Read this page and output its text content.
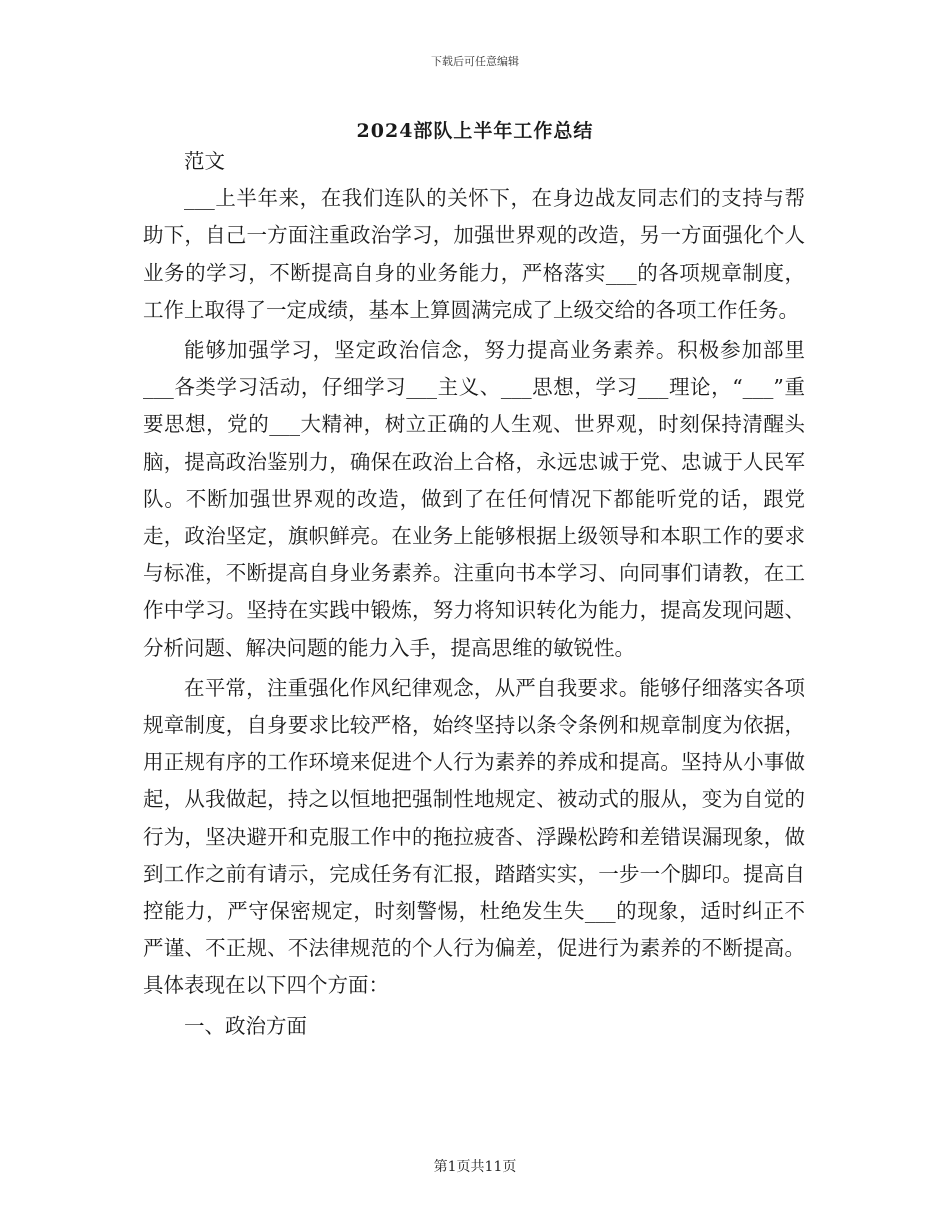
下载后可任意编辑
2024部队上半年工作总结

范文

___上半年来，在我们连队的关怀下，在身边战友同志们的支持与帮助下，自己一方面注重政治学习，加强世界观的改造，另一方面强化个人业务的学习，不断提高自身的业务能力，严格落实___的各项规章制度，工作上取得了一定成绩，基本上算圆满完成了上级交给的各项工作任务。

能够加强学习，坚定政治信念，努力提高业务素养。积极参加部里___各类学习活动，仔细学习___主义、___思想，学习___理论，“___”重要思想，党的___大精神，树立正确的人生观、世界观，时刻保持清醒头脑，提高政治鉴别力，确保在政治上合格，永远忠诚于党、忠诚于人民军队。不断加强世界观的改造，做到了在任何情况下都能听党的话，跟党走，政治坚定，旗帜鲜亮。在业务上能够根据上级领导和本职工作的要求与标准，不断提高自身业务素养。注重向书本学习、向同事们请教，在工作中学习。坚持在实践中锻炼，努力将知识转化为能力，提高发现问题、分析问题、解决问题的能力入手，提高思维的敏锐性。

在平常，注重强化作风纪律观念，从严自我要求。能够仔细落实各项规章制度，自身要求比较严格，始终坚持以条令条例和规章制度为依据，用正规有序的工作环境来促进个人行为素养的养成和提高。坚持从小事做起，从我做起，持之以恒地把强制性地规定、被动式的服从，变为自觉的行为，坚决避开和克服工作中的拖拉疲沓、浮躁松跨和差错误漏现象，做到工作之前有请示，完成任务有汇报，踏踏实实，一步一个脚印。提高自控能力，严守保密规定，时刻警惕，杜绝发生失___的现象，适时纠正不严谨、不正规、不法律规范的个人行为偏差，促进行为素养的不断提高。具体表现在以下四个方面：

一、政治方面

第1页共11页
